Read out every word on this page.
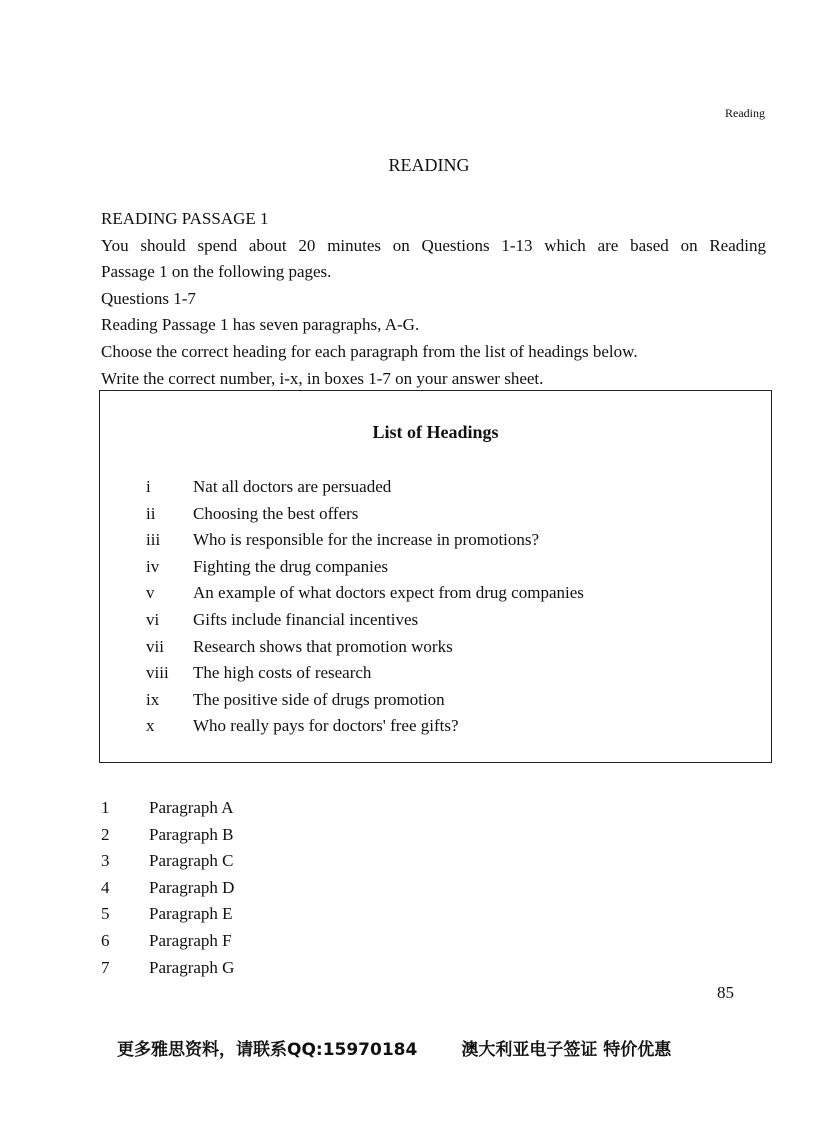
Reading
READING
READING PASSAGE 1
You should spend about 20 minutes on Questions 1-13 which are based on Reading
Passage 1 on the following pages.
Questions 1-7
Reading Passage 1 has seven paragraphs, A-G.
Choose the correct heading for each paragraph from the list of headings below.
Write the correct number, i-x, in boxes 1-7 on your answer sheet.
List of Headings
i Nat all doctors are persuaded
ii Choosing the best offers
iii Who is responsible for the increase in promotions?
iv Fighting the drug companies
v An example of what doctors expect from drug companies
vi Gifts include financial incentives
vii Research shows that promotion works
viii The high costs of research
ix The positive side of drugs promotion
x Who really pays for doctors' free gifts?
1 Paragraph A
2 Paragraph B
3 Paragraph C
4 Paragraph D
5 Paragraph E
6 Paragraph F
7 Paragraph G
85
更多雅思资料，请联系QQ:15970184	澳大利亚电子签证 特价优惠
